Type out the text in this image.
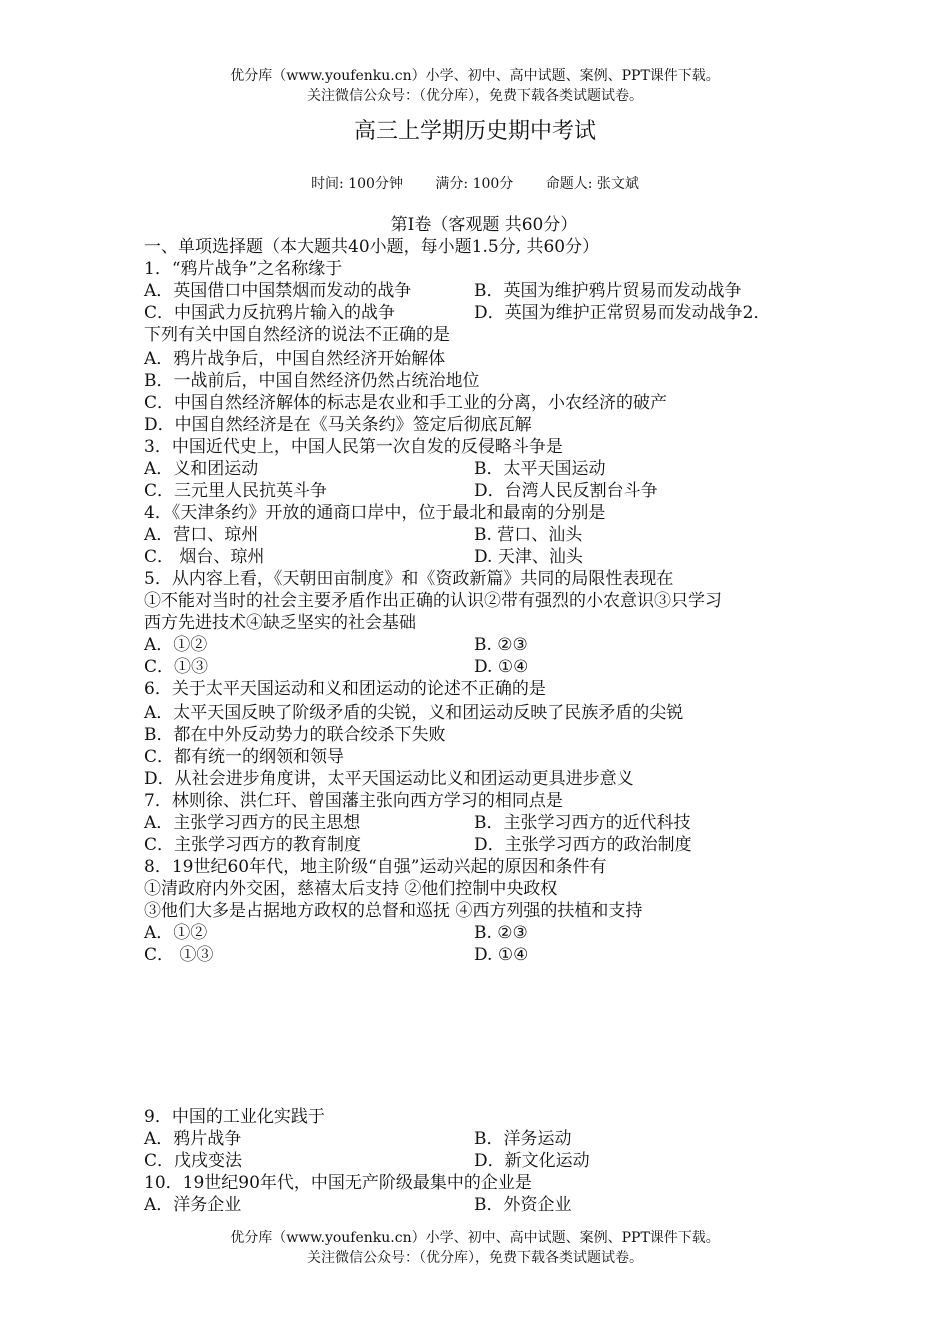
优分库（www.youfenku.cn）小学、初中、高中试题、案例、PPT课件下载。
关注微信公众号：（优分库），免费下载各类试题试卷。
高三上学期历史期中考试
时间: 100分钟 满分: 100分 命题人: 张文斌
第Ⅰ卷（客观题 共60分）
一、单项选择题（本大题共40小题，每小题1.5分, 共60分）
1．“鸦片战争”之名称缘于
A．英国借口中国禁烟而发动的战争	B．英国为维护鸦片贸易而发动战争
C．中国武力反抗鸦片输入的战争	D．英国为维护正常贸易而发动战争2．
下列有关中国自然经济的说法不正确的是
A．鸦片战争后，中国自然经济开始解体
B．一战前后，中国自然经济仍然占统治地位
C．中国自然经济解体的标志是农业和手工业的分离，小农经济的破产
D．中国自然经济是在《马关条约》签定后彻底瓦解
3．中国近代史上，中国人民第一次自发的反侵略斗争是
A．义和团运动	B．太平天国运动
C．三元里人民抗英斗争	D．台湾人民反割台斗争
4．《天津条约》开放的通商口岸中，位于最北和最南的分别是
A．营口、琼州	B. 营口、汕头
C． 烟台、琼州	D. 天津、汕头
5．从内容上看，《天朝田亩制度》和《资政新篇》共同的局限性表现在
①不能对当时的社会主要矛盾作出正确的认识②带有强烈的小农意识③只学习
西方先进技术④缺乏坚实的社会基础
A．①②	B. ②③
C．①③	D. ①④
6．关于太平天国运动和义和团运动的论述不正确的是
A．太平天国反映了阶级矛盾的尖锐，义和团运动反映了民族矛盾的尖锐
B．都在中外反动势力的联合绞杀下失败
C．都有统一的纲领和领导
D．从社会进步角度讲，太平天国运动比义和团运动更具进步意义
7．林则徐、洪仁玕、曾国藩主张向西方学习的相同点是
A．主张学习西方的民主思想	B．主张学习西方的近代科技
C．主张学习西方的教育制度	D．主张学习西方的政治制度
8．19世纪60年代，地主阶级“自强”运动兴起的原因和条件有
①清政府内外交困，慈禧太后支持 ②他们控制中央政权
③他们大多是占据地方政权的总督和巡抚 ④西方列强的扶植和支持
A．①②	B. ②③
C． ①③	D. ①④
9．中国的工业化实践于
A．鸦片战争	B．洋务运动
C．戊戌变法	D．新文化运动
10．19世纪90年代，中国无产阶级最集中的企业是
A．洋务企业	B．外资企业
优分库（www.youfenku.cn）小学、初中、高中试题、案例、PPT课件下载。
关注微信公众号：（优分库），免费下载各类试题试卷。
